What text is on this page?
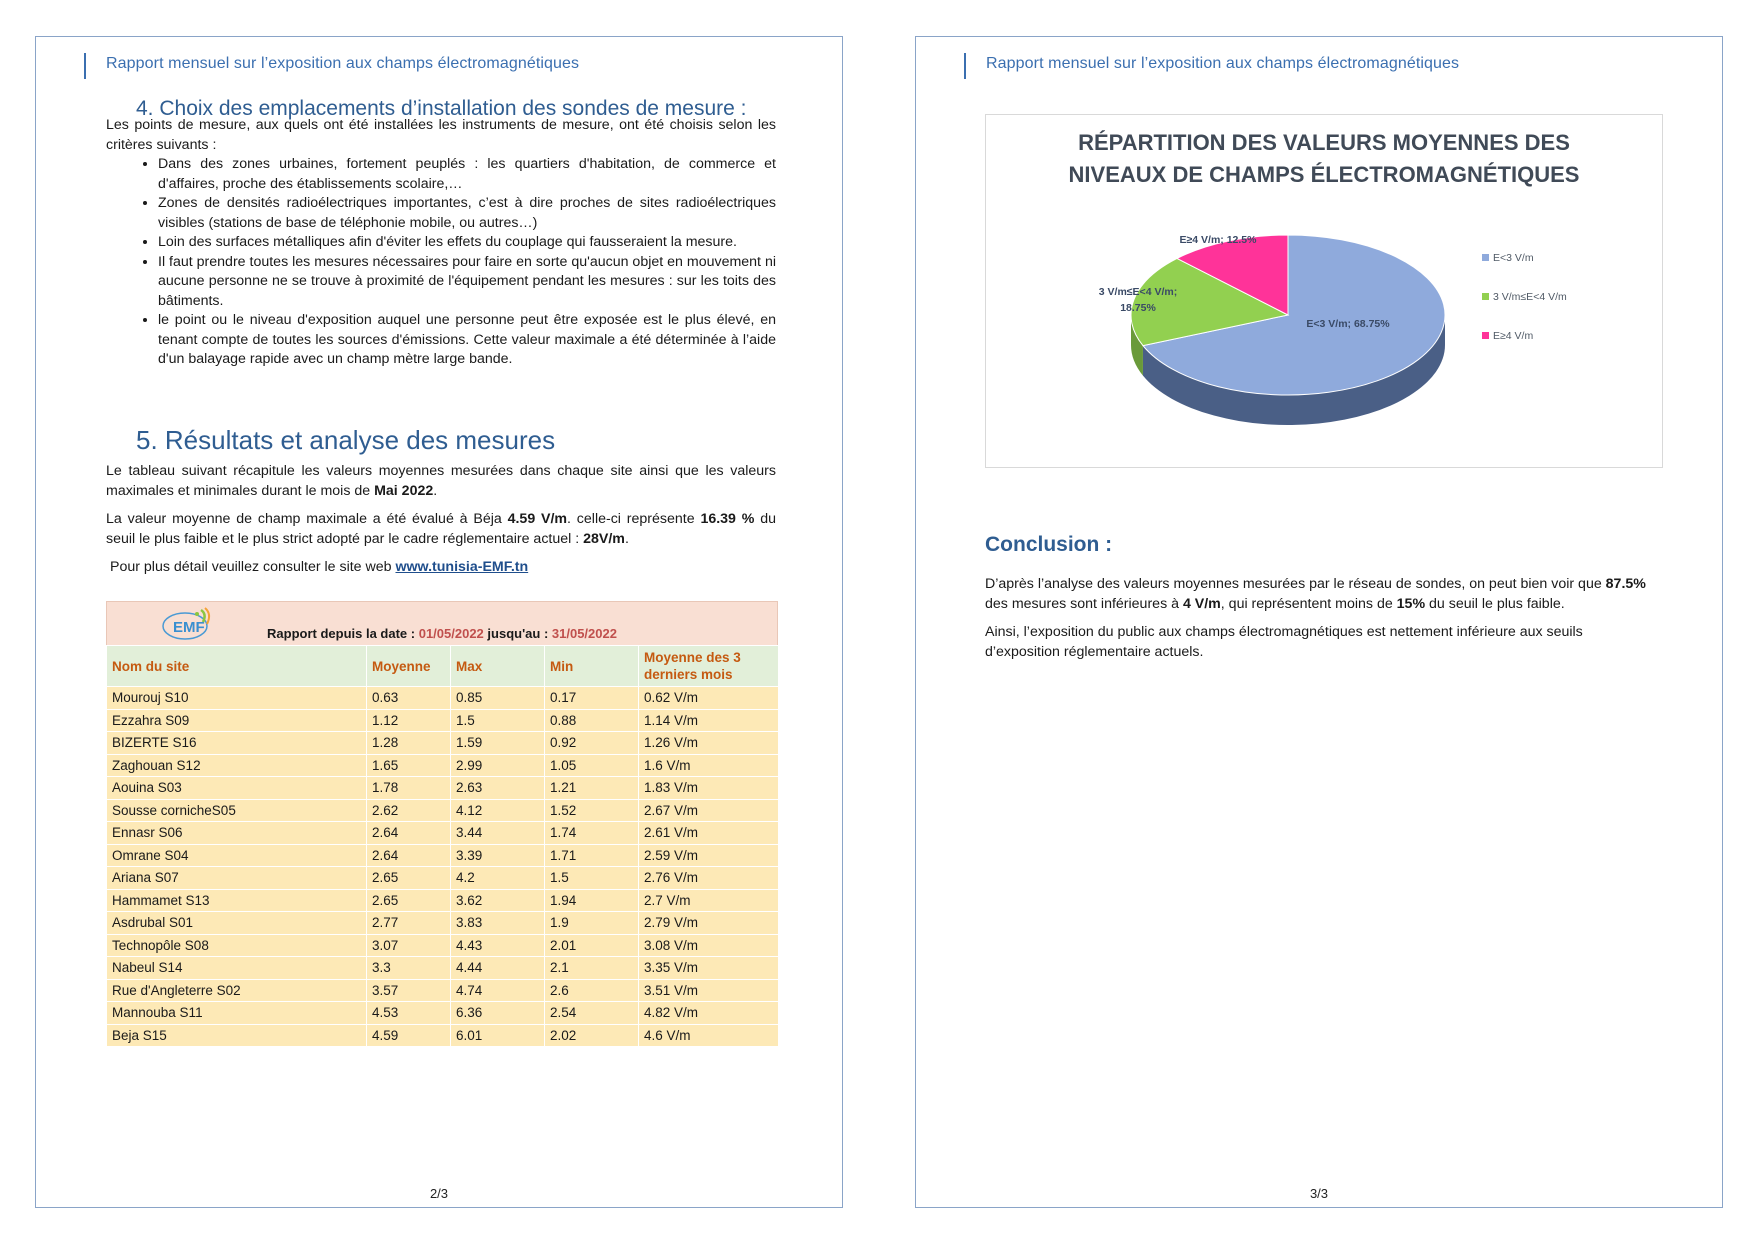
Rapport mensuel sur l’exposition aux champs électromagnétiques
4. Choix des emplacements d’installation des sondes de mesure :

Les points de mesure, aux quels ont été installées les instruments de mesure, ont été choisis selon les critères suivants :

• Dans des zones urbaines, fortement peuplés : les quartiers d'habitation, de commerce et d'affaires, proche des établissements scolaire,…
• Zones de densités radioélectriques importantes, c’est à dire proches de sites radioélectriques visibles (stations de base de téléphonie mobile, ou autres…)
• Loin des surfaces métalliques afin d'éviter les effets du couplage qui fausseraient la mesure.
• Il faut prendre toutes les mesures nécessaires pour faire en sorte qu'aucun objet en mouvement ni aucune personne ne se trouve à proximité de l'équipement pendant les mesures : sur les toits des bâtiments.
• le point ou le niveau d'exposition auquel une personne peut être exposée est le plus élevé, en tenant compte de toutes les sources d'émissions. Cette valeur maximale a été déterminée à l’aide d'un balayage rapide avec un champ mètre large bande.
5. Résultats et analyse des mesures

Le tableau suivant récapitule les valeurs moyennes mesurées dans chaque site ainsi que les valeurs maximales et minimales durant le mois de Mai 2022.

La valeur moyenne de champ maximale a été évalué à Béja 4.59 V/m. celle-ci représente 16.39 % du seuil le plus faible et le plus strict adopté par le cadre réglementaire actuel : 28V/m.

Pour plus détail veuillez consulter le site web www.tunisia-EMF.tn

EMF	Rapport depuis la date : 01/05/2022 jusqu'au : 31/05/2022
Nom du site	Moyenne	Max	Min	Moyenne des 3 derniers mois
Mourouj S10	0.63	0.85	0.17	0.62 V/m
Ezzahra S09	1.12	1.5	0.88	1.14 V/m
BIZERTE S16	1.28	1.59	0.92	1.26 V/m
Zaghouan S12	1.65	2.99	1.05	1.6 V/m
Aouina S03	1.78	2.63	1.21	1.83 V/m
Sousse cornicheS05	2.62	4.12	1.52	2.67 V/m
Ennasr S06	2.64	3.44	1.74	2.61 V/m
Omrane S04	2.64	3.39	1.71	2.59 V/m
Ariana S07	2.65	4.2	1.5	2.76 V/m
Hammamet S13	2.65	3.62	1.94	2.7 V/m
Asdrubal S01	2.77	3.83	1.9	2.79 V/m
Technopôle S08	3.07	4.43	2.01	3.08 V/m
Nabeul S14	3.3	4.44	2.1	3.35 V/m
Rue d'Angleterre S02	3.57	4.74	2.6	3.51 V/m
Mannouba S11	4.53	6.36	2.54	4.82 V/m
Beja S15	4.59	6.01	2.02	4.6 V/m
2/3
Rapport mensuel sur l’exposition aux champs électromagnétiques
RÉPARTITION DES VALEURS MOYENNES DES
NIVEAUX DE CHAMPS ÉLECTROMAGNÉTIQUES
E<3 V/m; 68.75%
3 V/m≤E<4 V/m; 18.75%
E≥4 V/m; 12.5%
E<3 V/m
3 V/m≤E<4 V/m
E≥4 V/m
Conclusion :

D’après l’analyse des valeurs moyennes mesurées par le réseau de sondes, on peut bien voir que 87.5% des mesures sont inférieures à 4 V/m, qui représentent moins de 15% du seuil le plus faible.

Ainsi, l’exposition du public aux champs électromagnétiques est nettement inférieure aux seuils d’exposition réglementaire actuels.

3/3
